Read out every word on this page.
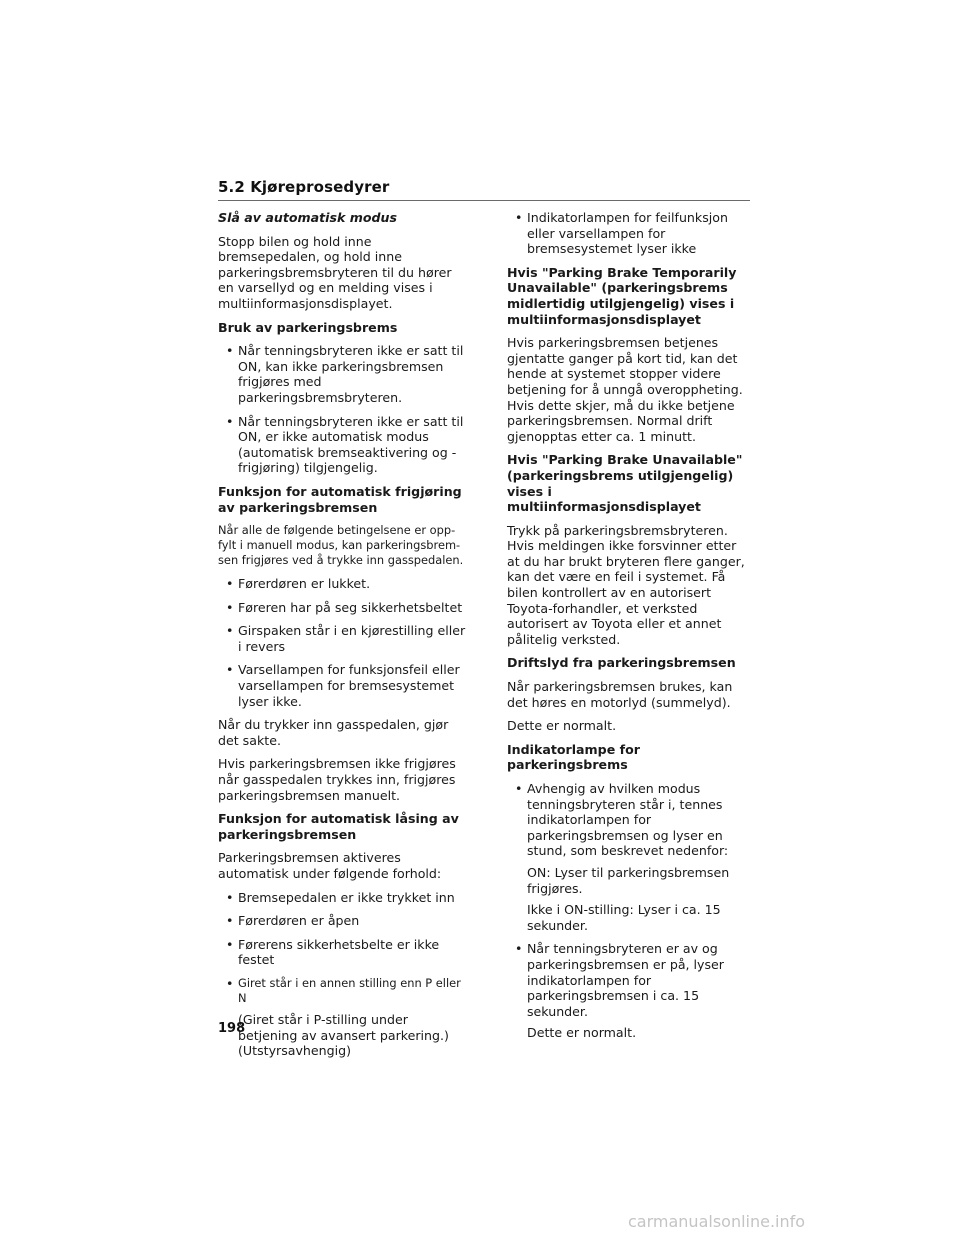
5.2 Kjøreprosedyrer
Slå av automatisk modus
Stopp bilen og hold inne bremsepedalen, og hold inne parkeringsbremsbryteren til du hører en varsellyd og en melding vises i multiinformasjonsdisplayet.
Bruk av parkeringsbrems
• Når tenningsbryteren ikke er satt til ON, kan ikke parkeringsbremsen frigjøres med parkeringsbremsbryteren.
• Når tenningsbryteren ikke er satt til ON, er ikke automatisk modus (automatisk bremseaktivering og -frigjøring) tilgjengelig.
Funksjon for automatisk frigjøring av parkeringsbremsen
Når alle de følgende betingelsene er opp- fylt i manuell modus, kan parkeringsbrem- sen frigjøres ved å trykke inn gasspedalen.
• Førerdøren er lukket.
• Føreren har på seg sikkerhetsbeltet
• Girspaken står i en kjørestilling eller i revers
• Varsellampen for funksjonsfeil eller varsellampen for bremsesystemet lyser ikke.
Når du trykker inn gasspedalen, gjør det sakte.
Hvis parkeringsbremsen ikke frigjøres når gasspedalen trykkes inn, frigjøres parkeringsbremsen manuelt.
Funksjon for automatisk låsing av parkeringsbremsen
Parkeringsbremsen aktiveres automatisk under følgende forhold:
• Bremsepedalen er ikke trykket inn
• Førerdøren er åpen
• Førerens sikkerhetsbelte er ikke festet
• Giret står i en annen stilling enn P eller N
(Giret står i P-stilling under betjening av avansert parkering.) (Utstyrsavhengig)
• Indikatorlampen for feilfunksjon eller varsellampen for bremsesystemet lyser ikke
Hvis "Parking Brake Temporarily Unavailable" (parkeringsbrems midlertidig utilgjengelig) vises i multiinformasjonsdisplayet
Hvis parkeringsbremsen betjenes gjentatte ganger på kort tid, kan det hende at systemet stopper videre betjening for å unngå overoppheting. Hvis dette skjer, må du ikke betjene parkeringsbremsen. Normal drift gjenopptas etter ca. 1 minutt.
Hvis "Parking Brake Unavailable" (parkeringsbrems utilgjengelig) vises i multiinformasjonsdisplayet
Trykk på parkeringsbremsbryteren. Hvis meldingen ikke forsvinner etter at du har brukt bryteren flere ganger, kan det være en feil i systemet. Få bilen kontrollert av en autorisert Toyota-forhandler, et verksted autorisert av Toyota eller et annet pålitelig verksted.
Driftslyd fra parkeringsbremsen
Når parkeringsbremsen brukes, kan det høres en motorlyd (summelyd).
Dette er normalt.
Indikatorlampe for parkeringsbrems
• Avhengig av hvilken modus tenningsbryteren står i, tennes indikatorlampen for parkeringsbremsen og lyser en stund, som beskrevet nedenfor:
ON: Lyser til parkeringsbremsen frigjøres.
Ikke i ON-stilling: Lyser i ca. 15 sekunder.
• Når tenningsbryteren er av og parkeringsbremsen er på, lyser indikatorlampen for parkeringsbremsen i ca. 15 sekunder.
Dette er normalt.
198
carmanualsonline.info
